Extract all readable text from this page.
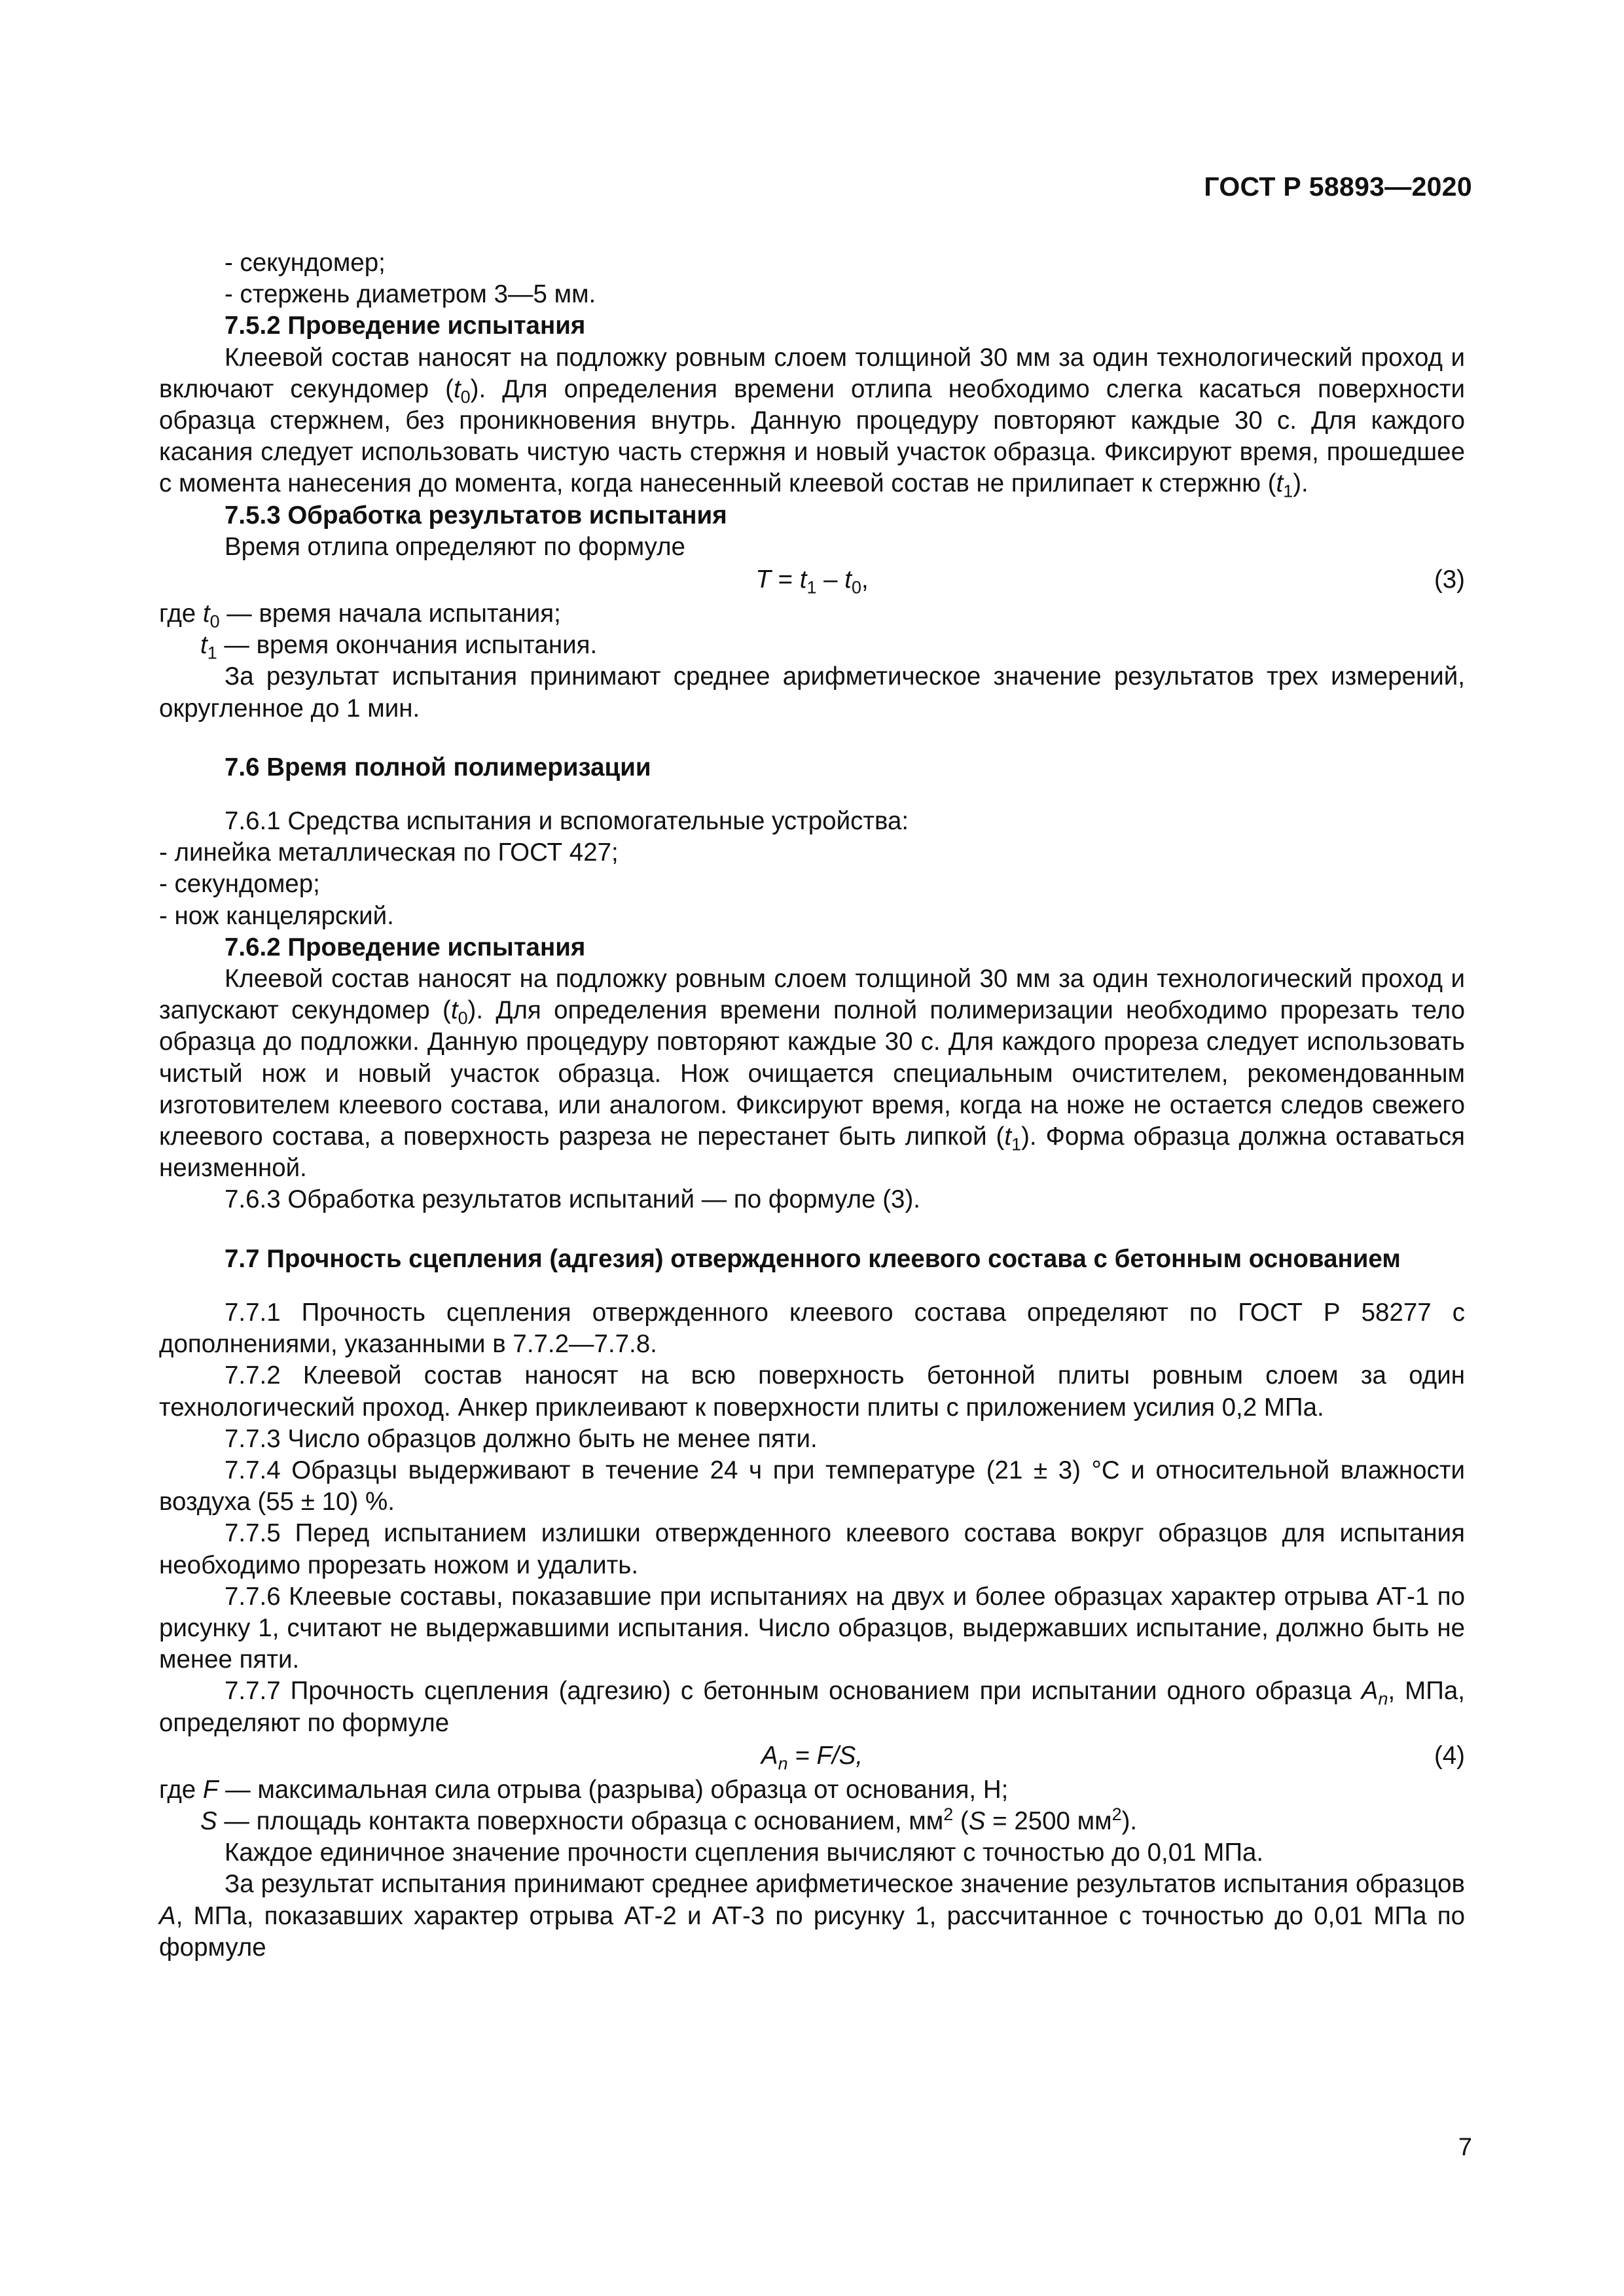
ГОСТ Р 58893—2020

- секундомер;

- стержень диаметром 3—5 мм.

7.5.2 Проведение испытания

Клеевой состав наносят на подложку ровным слоем толщиной 30 мм за один технологический проход и включают секундомер $(t_0)$. Для определения времени отлипа необходимо слегка касаться поверхности образца стержнем, без проникновения внутрь. Данную процедуру повторяют каждые 30 с. Для каждого касания следует использовать чистую часть стержня и новый участок образца. Фиксируют время, прошедшее с момента нанесения до момента, когда нанесенный клеевой состав не прилипает к стержню $(t_1)$.

7.5.3 Обработка результатов испытания

Время отлипа определяют по формуле

$T = t_1 - t_0$,	(3)

где $t_0$ — время начала испытания;

$t_1$ — время окончания испытания.

За результат испытания принимают среднее арифметическое значение результатов трех измерений, округленное до 1 мин.

7.6 Время полной полимеризации

7.6.1 Средства испытания и вспомогательные устройства:

- линейка металлическая по ГОСТ 427;

- секундомер;

- нож канцелярский.

7.6.2 Проведение испытания

Клеевой состав наносят на подложку ровным слоем толщиной 30 мм за один технологический проход и запускают секундомер $(t_0)$. Для определения времени полной полимеризации необходимо прорезать тело образца до подложки. Данную процедуру повторяют каждые 30 с. Для каждого прореза следует использовать чистый нож и новый участок образца. Нож очищается специальным очистителем, рекомендованным изготовителем клеевого состава, или аналогом. Фиксируют время, когда на ноже не остается следов свежего клеевого состава, а поверхность разреза не перестанет быть липкой $(t_1)$. Форма образца должна оставаться неизменной.

7.6.3 Обработка результатов испытаний — по формуле (3).

7.7 Прочность сцепления (адгезия) отвержденного клеевого состава с бетонным основанием

7.7.1 Прочность сцепления отвержденного клеевого состава определяют по ГОСТ Р 58277 с дополнениями, указанными в 7.7.2—7.7.8.

7.7.2 Клеевой состав наносят на всю поверхность бетонной плиты ровным слоем за один технологический проход. Анкер приклеивают к поверхности плиты с приложением усилия 0,2 МПа.

7.7.3 Число образцов должно быть не менее пяти.

7.7.4 Образцы выдерживают в течение 24 ч при температуре (21 ± 3) °С и относительной влажности воздуха (55 ± 10) %.

7.7.5 Перед испытанием излишки отвержденного клеевого состава вокруг образцов для испытания необходимо прорезать ножом и удалить.

7.7.6 Клеевые составы, показавшие при испытаниях на двух и более образцах характер отрыва АТ-1 по рисунку 1, считают не выдержавшими испытания. Число образцов, выдержавших испытание, должно быть не менее пяти.

7.7.7 Прочность сцепления (адгезию) с бетонным основанием при испытании одного образца $A_n$, МПа, определяют по формуле

$A_n = F/S$,	(4)

где F — максимальная сила отрыва (разрыва) образца от основания, Н;

S — площадь контакта поверхности образца с основанием, $мм^2$ (S = 2500 $мм^2$).

Каждое единичное значение прочности сцепления вычисляют с точностью до 0,01 МПа.

За результат испытания принимают среднее арифметическое значение результатов испытания образцов А, МПа, показавших характер отрыва АТ-2 и АТ-3 по рисунку 1, рассчитанное с точностью до 0,01 МПа по формуле

7
